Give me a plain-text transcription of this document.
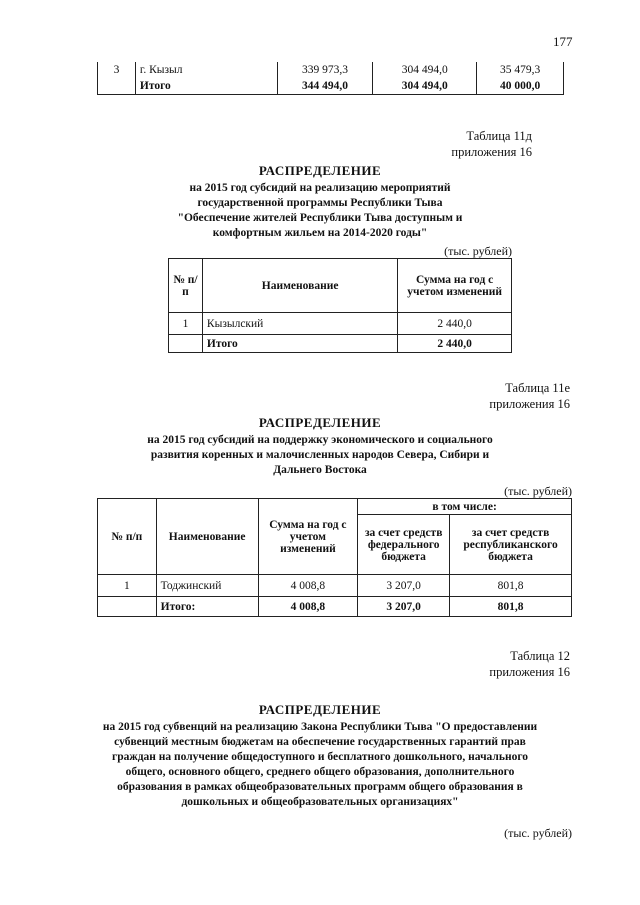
177
3	г. Кызыл	339 973,3	304 494,0	35 479,3
	Итого	344 494,0	304 494,0	40 000,0
Таблица 11д
приложения 16
РАСПРЕДЕЛЕНИЕ
на 2015 год субсидий на реализацию мероприятий
государственной программы Республики Тыва
"Обеспечение жителей Республики Тыва доступным и
комфортным жильем на 2014-2020 годы"
(тыс. рублей)
№ п/п	Наименование	Сумма на год с учетом изменений
1	Кызылский	2 440,0
	Итого	2 440,0
Таблица 11е
приложения 16
РАСПРЕДЕЛЕНИЕ
на 2015 год субсидий на поддержку экономического и социального
развития коренных и малочисленных народов Севера, Сибири и
Дальнего Востока
(тыс. рублей)
№ п/п	Наименование	Сумма на год с учетом изменений	в том числе:	
			за счет средств федерального бюджета	за счет средств республиканского бюджета
1	Тоджинский	4 008,8	3 207,0	801,8
	Итого:	4 008,8	3 207,0	801,8
Таблица 12
приложения 16
РАСПРЕДЕЛЕНИЕ
на 2015 год субвенций на реализацию Закона Республики Тыва "О предоставлении
субвенций местным бюджетам на обеспечение государственных гарантий прав
граждан на получение общедоступного и бесплатного дошкольного, начального
общего, основного общего, среднего общего образования, дополнительного
образования в рамках общеобразовательных программ общего образования в
дошкольных и общеобразовательных организациях"
(тыс. рублей)
